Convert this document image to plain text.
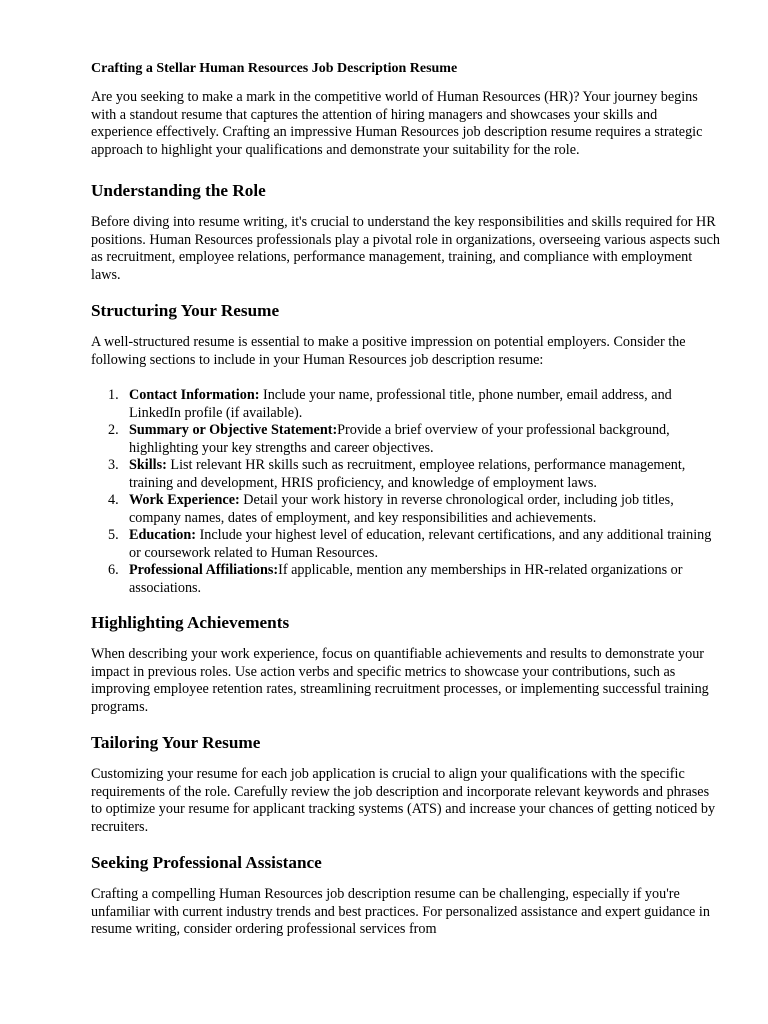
Crafting a Stellar Human Resources Job Description Resume

Are you seeking to make a mark in the competitive world of Human Resources (HR)? Your journey begins with a standout resume that captures the attention of hiring managers and showcases your skills and experience effectively. Crafting an impressive Human Resources job description resume requires a strategic approach to highlight your qualifications and demonstrate your suitability for the role.

Understanding the Role

Before diving into resume writing, it's crucial to understand the key responsibilities and skills required for HR positions. Human Resources professionals play a pivotal role in organizations, overseeing various aspects such as recruitment, employee relations, performance management, training, and compliance with employment laws.

Structuring Your Resume

A well-structured resume is essential to make a positive impression on potential employers. Consider the following sections to include in your Human Resources job description resume:

1. Contact Information: Include your name, professional title, phone number, email address, and LinkedIn profile (if available).
2. Summary or Objective Statement:Provide a brief overview of your professional background, highlighting your key strengths and career objectives.
3. Skills: List relevant HR skills such as recruitment, employee relations, performance management, training and development, HRIS proficiency, and knowledge of employment laws.
4. Work Experience: Detail your work history in reverse chronological order, including job titles, company names, dates of employment, and key responsibilities and achievements.
5. Education: Include your highest level of education, relevant certifications, and any additional training or coursework related to Human Resources.
6. Professional Affiliations:If applicable, mention any memberships in HR-related organizations or associations.
Highlighting Achievements

When describing your work experience, focus on quantifiable achievements and results to demonstrate your impact in previous roles. Use action verbs and specific metrics to showcase your contributions, such as improving employee retention rates, streamlining recruitment processes, or implementing successful training programs.

Tailoring Your Resume

Customizing your resume for each job application is crucial to align your qualifications with the specific requirements of the role. Carefully review the job description and incorporate relevant keywords and phrases to optimize your resume for applicant tracking systems (ATS) and increase your chances of getting noticed by recruiters.

Seeking Professional Assistance

Crafting a compelling Human Resources job description resume can be challenging, especially if you're unfamiliar with current industry trends and best practices. For personalized assistance and expert guidance in resume writing, consider ordering professional services from
